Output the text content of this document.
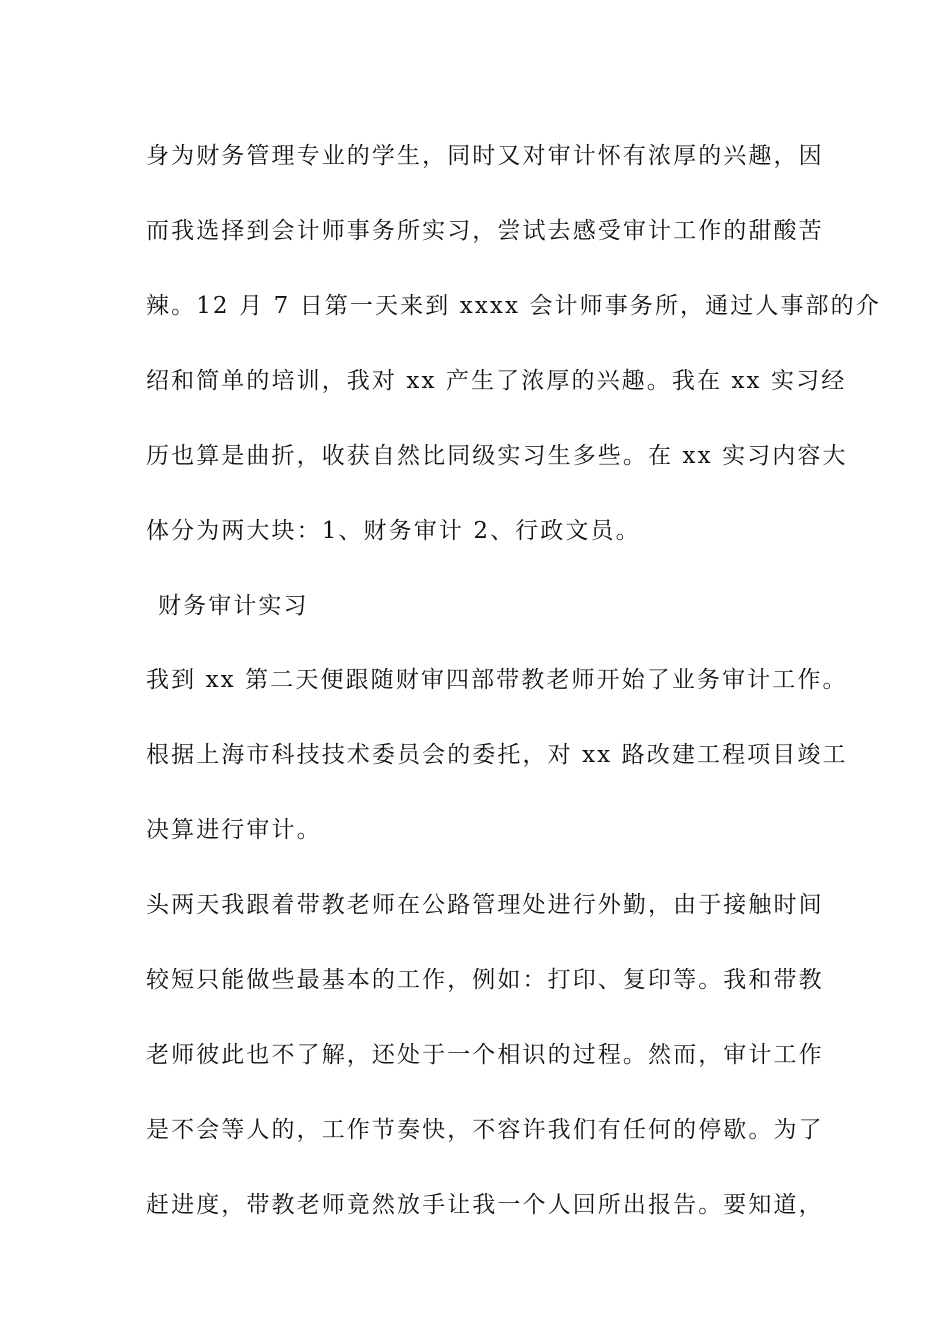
身为财务管理专业的学生，同时又对审计怀有浓厚的兴趣，因
而我选择到会计师事务所实习，尝试去感受审计工作的甜酸苦
辣。12 月 7 日第一天来到 xxxx 会计师事务所，通过人事部的介
绍和简单的培训，我对 xx 产生了浓厚的兴趣。我在 xx 实习经
历也算是曲折，收获自然比同级实习生多些。在 xx 实习内容大
体分为两大块：1、财务审计 2、行政文员。
财务审计实习
我到 xx 第二天便跟随财审四部带教老师开始了业务审计工作。
根据上海市科技技术委员会的委托，对 xx 路改建工程项目竣工
决算进行审计。
头两天我跟着带教老师在公路管理处进行外勤，由于接触时间
较短只能做些最基本的工作，例如：打印、复印等。我和带教
老师彼此也不了解，还处于一个相识的过程。然而，审计工作
是不会等人的，工作节奏快，不容许我们有任何的停歇。为了
赶进度，带教老师竟然放手让我一个人回所出报告。要知道，
